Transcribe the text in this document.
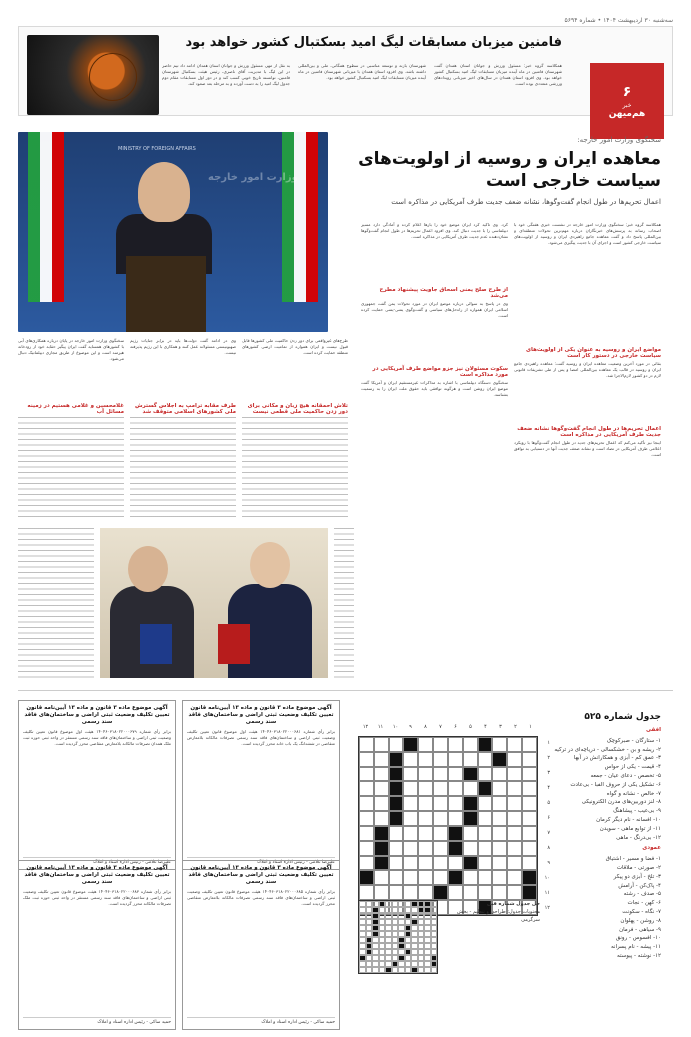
سه‌شنبه ۳۰ اردیبهشت ۱۴۰۴ • شماره ۵۶۹۴
فامنین میزبان مسابقات لیگ امید بسکتبال کشور خواهد بود

همکلاسه گروه خبر: مسئول ورزش و جوانان استان همدان گفت شهرستان فامنین در ماه آینده میزبان مسابقات لیگ امید بسکتبال کشور خواهد بود. وی افزود استان همدان در سال‌های اخیر میزبانی رویدادهای ورزشی متعددی بوده است.

شهرستان بازنه و توسعه مناسبی در سطوح همگانی، ملی و بین‌المللی داشته باشد. وی افزود استان همدان با میزبانی شهرستان فامنین در ماه آینده میزبان مسابقات لیگ امید بسکتبال کشور خواهد بود.

به نقل از مهر، مسئول ورزش و جوانان استان همدان ادامه داد تیم حاضر در این لیگ با مدیریت آقای ناصری، رئیس هیئت بسکتبال شهرستان فامنین، توانسته تاریخ خوبی کسب کند و در دور اول مسابقات مقام دوم جدول لیگ امید را به دست آورده و به مرحله بعد صعود کند.	۶
خبر
هم‌میهن
سخنگوی وزارت امور خارجه:
معاهده ایران و روسیه از اولویت‌های سیاست خارجی است

اعمال تحریم‌ها در طول انجام گفت‌وگوها، نشانه ضعف جدیت طرف آمریکایی در مذاکره است

MINISTRY OF FOREIGN AFFAIRS
وزارت امور خارجه

همکلاسه گروه خبر: سخنگوی وزارت امور خارجه در نشست خبری هفتگی خود با اصحاب رسانه به پرسش‌های خبرنگاران درباره مهم‌ترین تحولات منطقه‌ای و بین‌المللی پاسخ داد و گفت معاهده جامع راهبردی ایران و روسیه از اولویت‌های سیاست خارجی کشور است و اجرای آن با جدیت پیگیری می‌شود.

مواضع ایران و روسیه به عنوان یکی از اولویت‌های سیاست خارجی در دستور کار است

بقائی در مورد آخرین وضعیت معاهده ایران و روسیه گفت: معاهده راهبردی جامع ایران و روسیه در قالب یک معاهده بین‌المللی امضا و پس از طی تشریفات قانونی لازم در دو کشور لازم‌الاجرا شد.

اعمال تحریم‌ها در طول انجام گفت‌وگوها نشانه ضعف جدیت طرف آمریکایی در مذاکره است

اینجا نیز تأکید می‌کنم که اعمال تحریم‌های جدید در طول انجام گفت‌وگوها با رویکرد اعلامی طرف آمریکایی در تضاد است و نشانه ضعف جدیت آنها در دستیابی به توافق است.

کرد. وی تاکید کرد ایران موضع خود را بارها اعلام کرده و آمادگی دارد مسیر دیپلماسی را با جدیت دنبال کند. وی افزود اعمال تحریم‌ها در طول انجام گفت‌وگوها نشان‌دهنده عدم جدیت طرف آمریکایی در مذاکره است.

از طرح صلح یمنی اسحاق جاویت پیشنهاد مطرح می‌شد

وی در پاسخ به سوالی درباره موضع ایران در مورد تحولات یمن گفت جمهوری اسلامی ایران همواره از راه‌حل‌های سیاسی و گفت‌وگوی یمنی-یمنی حمایت کرده است.

سکوت مسئولان نیز جزو مواضع طرف آمریکایی در مورد مذاکره است

سخنگوی دستگاه دیپلماسی با اشاره به مذاکرات غیرمستقیم ایران و آمریکا گفت موضع ایران روشن است و هرگونه توافقی باید حقوق ملت ایران را به رسمیت بشناسد.

طرح‌های غیرواقعی برای دور زدن حاکمیت ملی کشورها قابل قبول نیست و ایران همواره از تمامیت ارضی کشورهای منطقه حمایت کرده است.

تلاش احمقانه هیچ زبان و مکانی برای دور زدن حاکمیت ملی قطعی نیست

وی در ادامه گفت دولت‌ها باید در برابر جنایات رژیم صهیونیستی مسئولانه عمل کنند و همکاری با این رژیم پذیرفته نیست.

طرف مقابه ترامپ به اجلاس گسترش ملی کشورهای اسلامی متوقف شد

سخنگوی وزارت امور خارجه در پایان درباره همکاری‌های آبی با کشورهای همسایه گفت ایران پیگیر حقابه خود از رودخانه هیرمند است و این موضوع از طریق مجاری دیپلماتیک دنبال می‌شود.

غلامحسین و غلامی هستیم در زمینه مسائل آب

آگهی موضوع ماده ۳ قانون و ماده ۱۳ آیین‌نامه قانون تعیین تکلیف وضعیت ثبتی اراضی و ساختمان‌های فاقد سند رسمی

برابر رأی شماره ۱۴۰۴۶۰۳۱۸۰۲۲۰۰۰۶۷۹ هیئت اول موضوع قانون تعیین تکلیف وضعیت ثبتی اراضی و ساختمان‌های فاقد سند رسمی مستقر در واحد ثبتی حوزه ثبت ملک همدان تصرفات مالکانه بلامعارض متقاضی محرز گردیده است.

علیرضا غلامی - رئیس اداره اسناد و املاک
آگهی موضوع ماده ۳ قانون و ماده ۱۳ آیین‌نامه قانون تعیین تکلیف وضعیت ثبتی اراضی و ساختمان‌های فاقد سند رسمی

برابر رأی شماره ۱۴۰۴۶۰۳۱۸۰۲۲۰۰۰۶۸۱ هیئت اول موضوع قانون تعیین تکلیف وضعیت ثبتی اراضی و ساختمان‌های فاقد سند رسمی تصرفات مالکانه بلامعارض متقاضی در ششدانگ یک باب خانه محرز گردیده است.

علیرضا غلامی - رئیس اداره اسناد و املاک
آگهی موضوع ماده ۳ قانون و ماده ۱۳ آیین‌نامه قانون تعیین تکلیف وضعیت ثبتی اراضی و ساختمان‌های فاقد سند رسمی

برابر رأی شماره ۱۴۰۴۶۰۳۱۸۰۲۲۰۰۰۶۸۳ هیئت موضوع قانون تعیین تکلیف وضعیت ثبتی اراضی و ساختمان‌های فاقد سند رسمی مستقر در واحد ثبتی حوزه ثبت ملک تصرفات مالکانه محرز گردیده است.

حمید ساکی - رئیس اداره اسناد و املاک
آگهی موضوع ماده ۳ قانون و ماده ۱۳ آیین‌نامه قانون تعیین تکلیف وضعیت ثبتی اراضی و ساختمان‌های فاقد سند رسمی

برابر رأی شماره ۱۴۰۴۶۰۳۱۸۰۲۲۰۰۰۶۸۵ هیئت موضوع قانون تعیین تکلیف وضعیت ثبتی اراضی و ساختمان‌های فاقد سند رسمی تصرفات مالکانه بلامعارض متقاضی محرز گردیده است.

حمید ساکی - رئیس اداره اسناد و املاک
جدول شماره ۵۲۵
افقی
۱- ستارگان - صبرکوچک
۲- ریشه و بن - خشکسالی - دریاچه‌ای در ترکیه
۳- عمق کم - آبزی و همکارانش در آبها
۴- قیمت - یکی از حواس
۵- تخصص - دعای عیان - جمعه
۶- تشکیل یکی از حروف الفبا - بی‌عادت
۷- خالص - نشانه و گواه
۸- لنز دوربین‌های مدرن الکترونیکی
۹- بی‌عیب - پیشاهنگ
۱۰- افسانه - نام دیگر کرمان
۱۱- از توابع ماهی - سویدن
۱۲- بی‌درنگ - ماهی
عمودی
۱- فضا و مسیر - اشتیاق
۲- صورتی - ملاقات
۳- تلخ - آبزی دو پیکر
۴- پاک‌کن - آرامش
۵- صدف - رشته
۶- کهن - نجات
۷- نگاه - سکونت
۸- روشن - پهلوان
۹- سیاهی - فرمان
۱۰- افسوس - رونق
۱۱- پیشه - نام پسرانه
۱۲- نوشته - پیوسته
۱۲	۱۱	۱۰	۹	۸	۷	۶	۵	۴	۳	۲	۱
۱
۲
۳
۴
۵
۶
۷
۸
۹
۱۰
۱۱
۱۲
حل جدول شماره قبل
محتویات جدول: طراحی و تنظیم - بخش سرگرمی
